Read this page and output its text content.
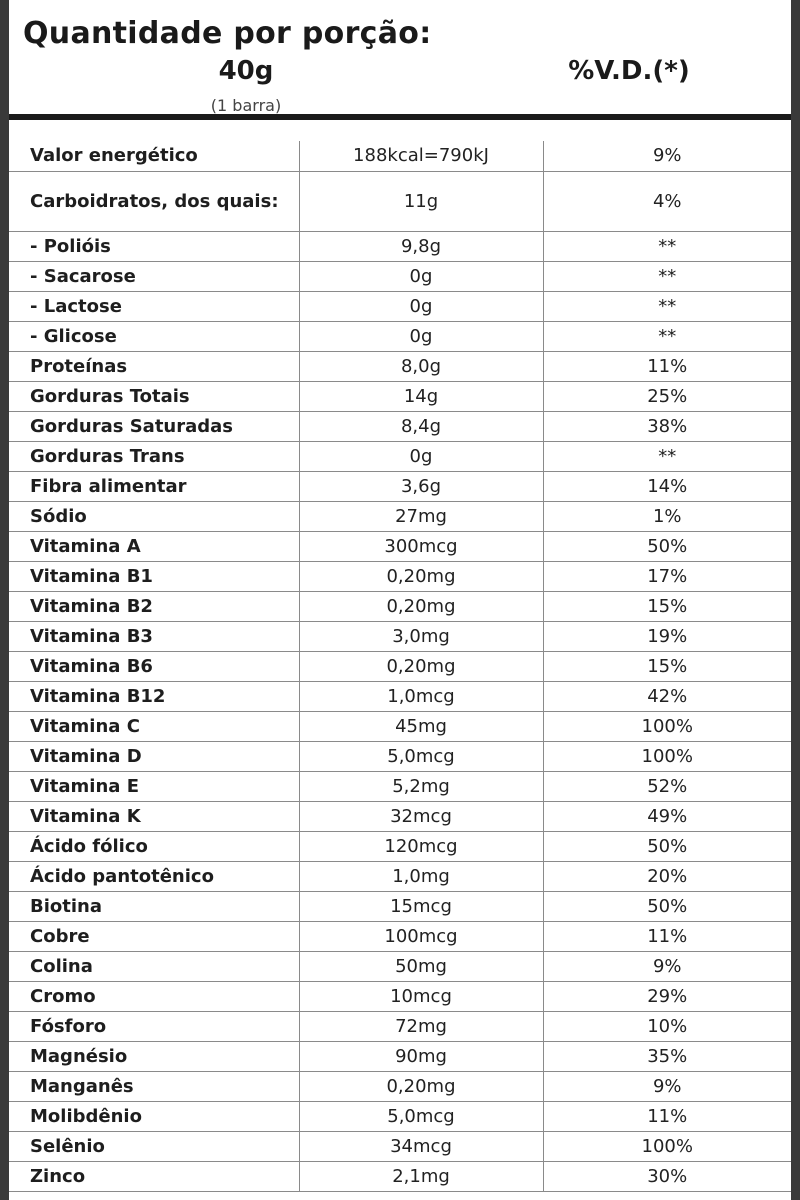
Quantidade por porção:
40g
(1 barra)
%V.D.(*)
Valor energético	188kcal=790kJ	9%
Carboidratos, dos quais:	11g	4%
- Polióis	9,8g	**
- Sacarose	0g	**
- Lactose	0g	**
- Glicose	0g	**
Proteínas	8,0g	11%
Gorduras Totais	14g	25%
Gorduras Saturadas	8,4g	38%
Gorduras Trans	0g	**
Fibra alimentar	3,6g	14%
Sódio	27mg	1%
Vitamina A	300mcg	50%
Vitamina B1	0,20mg	17%
Vitamina B2	0,20mg	15%
Vitamina B3	3,0mg	19%
Vitamina B6	0,20mg	15%
Vitamina B12	1,0mcg	42%
Vitamina C	45mg	100%
Vitamina D	5,0mcg	100%
Vitamina E	5,2mg	52%
Vitamina K	32mcg	49%
Ácido fólico	120mcg	50%
Ácido pantotênico	1,0mg	20%
Biotina	15mcg	50%
Cobre	100mcg	11%
Colina	50mg	9%
Cromo	10mcg	29%
Fósforo	72mg	10%
Magnésio	90mg	35%
Manganês	0,20mg	9%
Molibdênio	5,0mcg	11%
Selênio	34mcg	100%
Zinco	2,1mg	30%
